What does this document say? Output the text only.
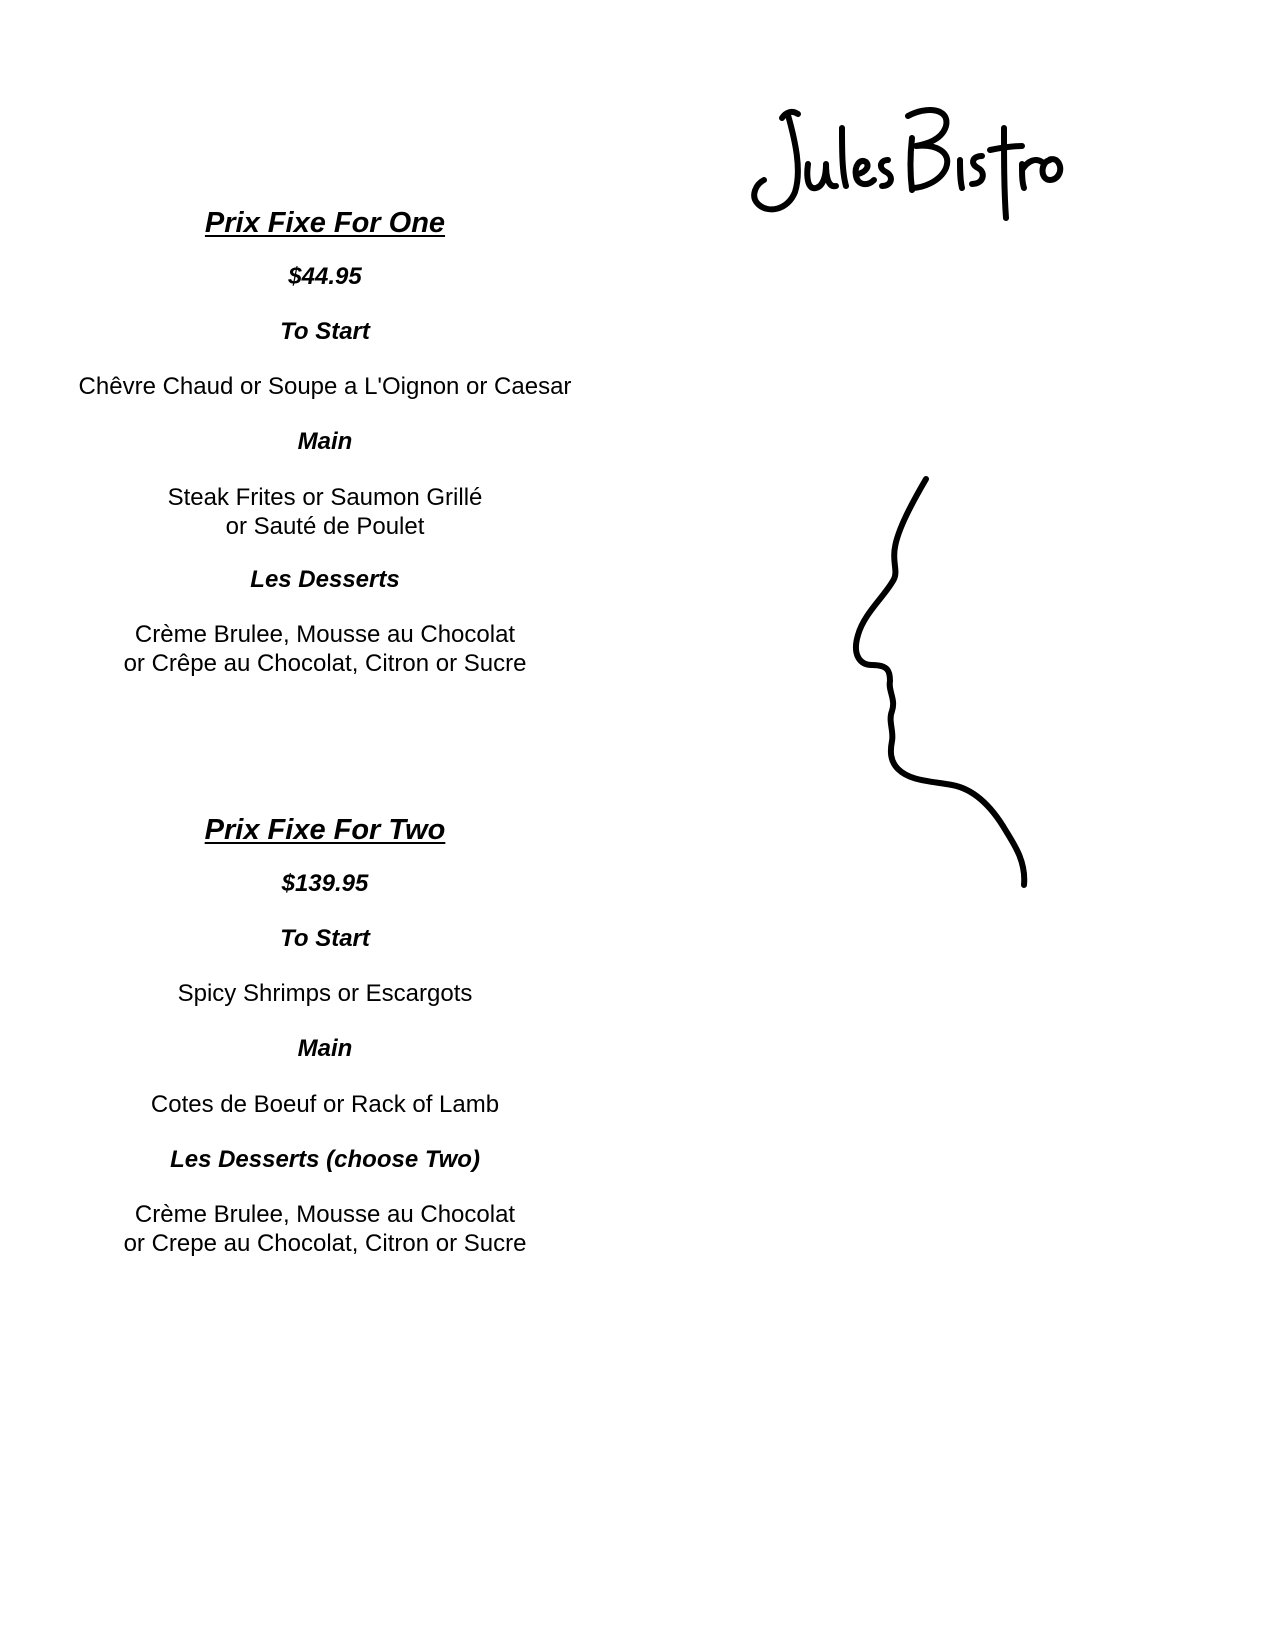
Prix Fixe For One

$44.95

To Start

Chêvre Chaud or Soupe a L'Oignon or Caesar

Main

Steak Frites or Saumon Grillé

or Sauté de Poulet

Les Desserts

Crème Brulee, Mousse au Chocolat

or Crêpe au Chocolat, Citron or Sucre

Prix Fixe For Two

$139.95

To Start

Spicy Shrimps or Escargots

Main

Cotes de Boeuf or Rack of Lamb

Les Desserts (choose Two)

Crème Brulee, Mousse au Chocolat

or Crepe au Chocolat, Citron or Sucre
